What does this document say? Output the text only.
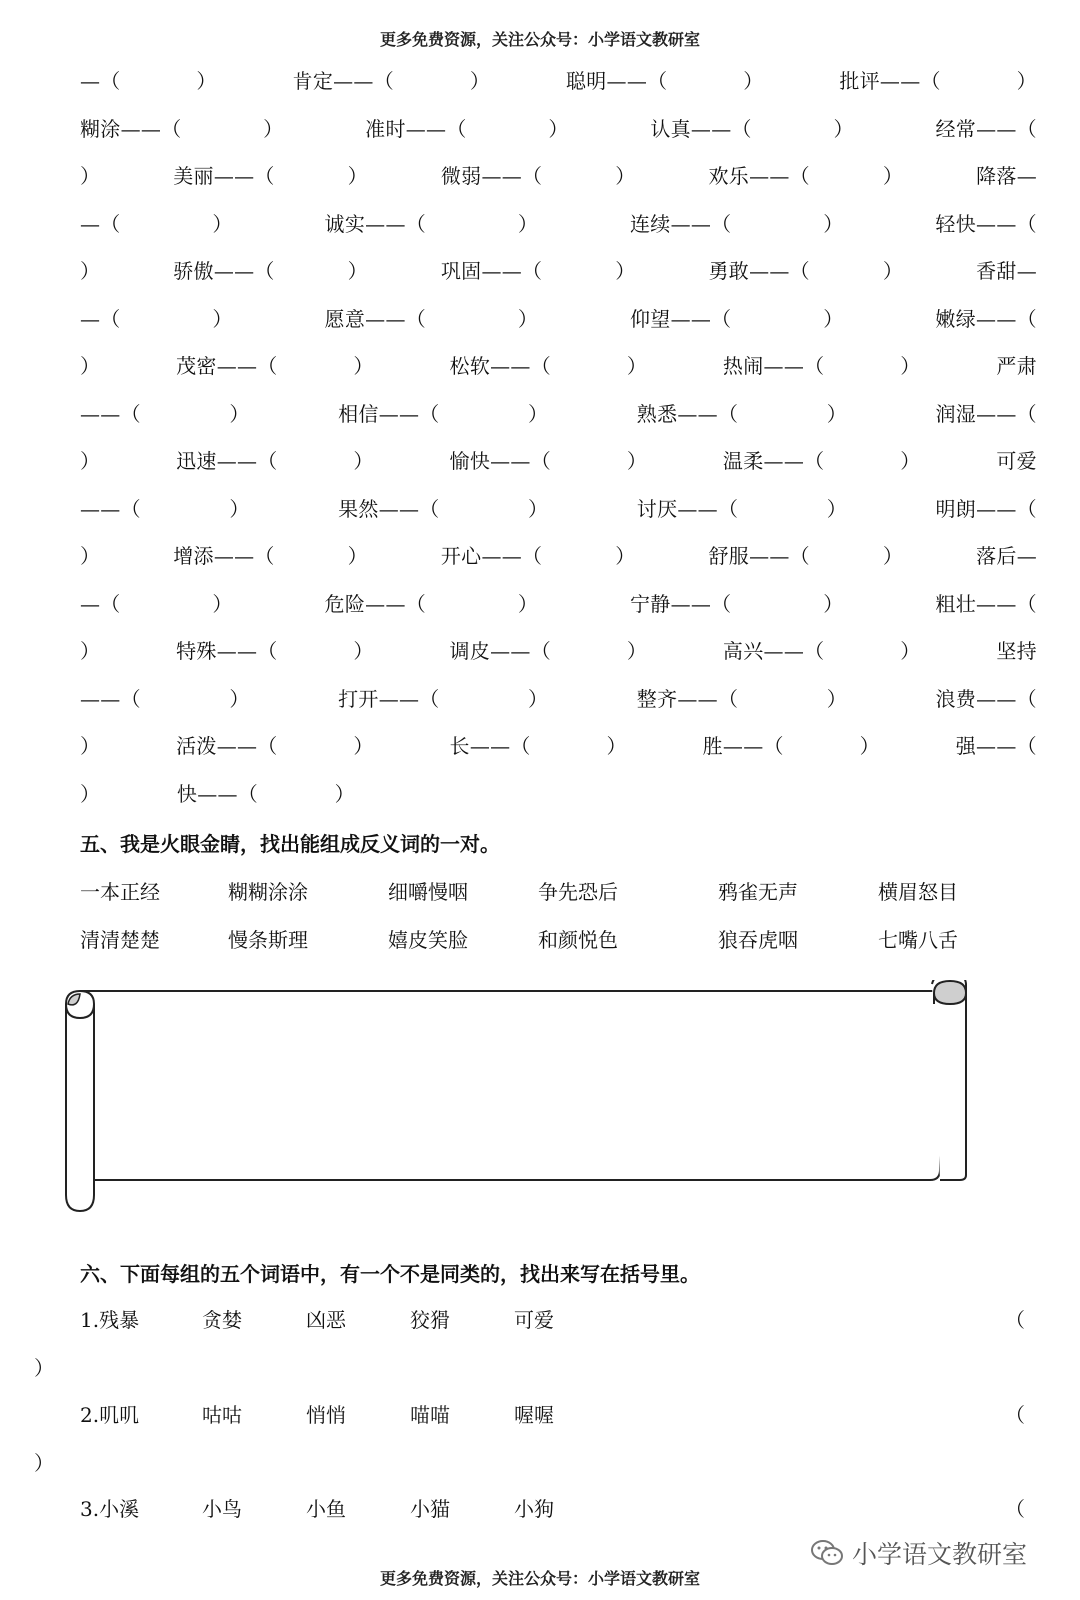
更多免费资源，关注公众号：小学语文教研室
—（	）	肯定——（	）	聪明——（	）	批评——（	）
糊涂——（	）	准时——（	）	认真——（	）	经常——（
）	美丽——（	）	微弱——（	）	欢乐——（	）	降落—
—（	）	诚实——（	）	连续——（	）	轻快——（
）	骄傲——（	）	巩固——（	）	勇敢——（	）	香甜—
—（	）	愿意——（	）	仰望——（	）	嫩绿——（
）	茂密——（	）	松软——（	）	热闹——（	）	严肃
——（	）	相信——（	）	熟悉——（	）	润湿——（
）	迅速——（	）	愉快——（	）	温柔——（	）	可爱
——（	）	果然——（	）	讨厌——（	）	明朗——（
）	增添——（	）	开心——（	）	舒服——（	）	落后—
—（	）	危险——（	）	宁静——（	）	粗壮——（
）	特殊——（	）	调皮——（	）	高兴——（	）	坚持
——（	）	打开——（	）	整齐——（	）	浪费——（
）	活泼——（	）	长——（	）	胜——（	）	强——（
）	快——（	）
五、我是火眼金睛，找出能组成反义词的一对。
一本正经	糊糊涂涂	细嚼慢咽	争先恐后	鸦雀无声	横眉怒目
清清楚楚	慢条斯理	嬉皮笑脸	和颜悦色	狼吞虎咽	七嘴八舌
六、下面每组的五个词语中，有一个不是同类的，找出来写在括号里。
1.残暴	贪婪	凶恶	狡猾	可爱	（
）
2.叽叽	咕咕	悄悄	喵喵	喔喔	（
）
3.小溪	小鸟	小鱼	小猫	小狗	（
小学语文教研室
更多免费资源，关注公众号：小学语文教研室
